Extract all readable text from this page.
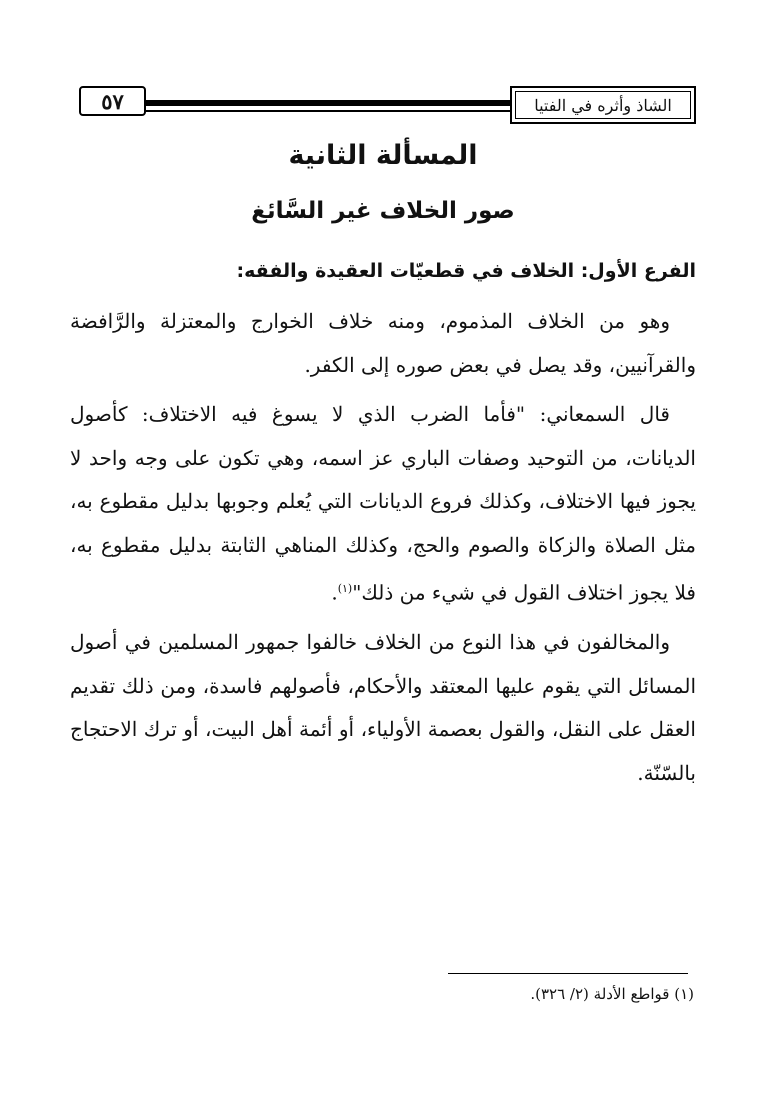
٥٧	الشاذ وأثره في الفتيا
المسألة الثانية
صور الخلاف غير السَّائغ
الفرع الأول: الخلاف في قطعيّات العقيدة والفقه:

وهو من الخلاف المذموم، ومنه خلاف الخوارج والمعتزلة والرَّافضة والقرآنيين، وقد يصل في بعض صوره إلى الكفر.

قال السمعاني: "فأما الضرب الذي لا يسوغ فيه الاختلاف: كأصول الديانات، من التوحيد وصفات الباري عز اسمه، وهي تكون على وجه واحد لا يجوز فيها الاختلاف، وكذلك فروع الديانات التي يُعلم وجوبها بدليل مقطوع به، مثل الصلاة والزكاة والصوم والحج، وكذلك المناهي الثابتة بدليل مقطوع به، فلا يجوز اختلاف القول في شيء من ذلك"$^{(١)}$.

والمخالفون في هذا النوع من الخلاف خالفوا جمهور المسلمين في أصول المسائل التي يقوم عليها المعتقد والأحكام، فأصولهم فاسدة، ومن ذلك تقديم العقل على النقل، والقول بعصمة الأولياء، أو أئمة أهل البيت، أو ترك الاحتجاج بالسّنّة.

(١) قواطع الأدلة (٢/ ٣٢٦).
